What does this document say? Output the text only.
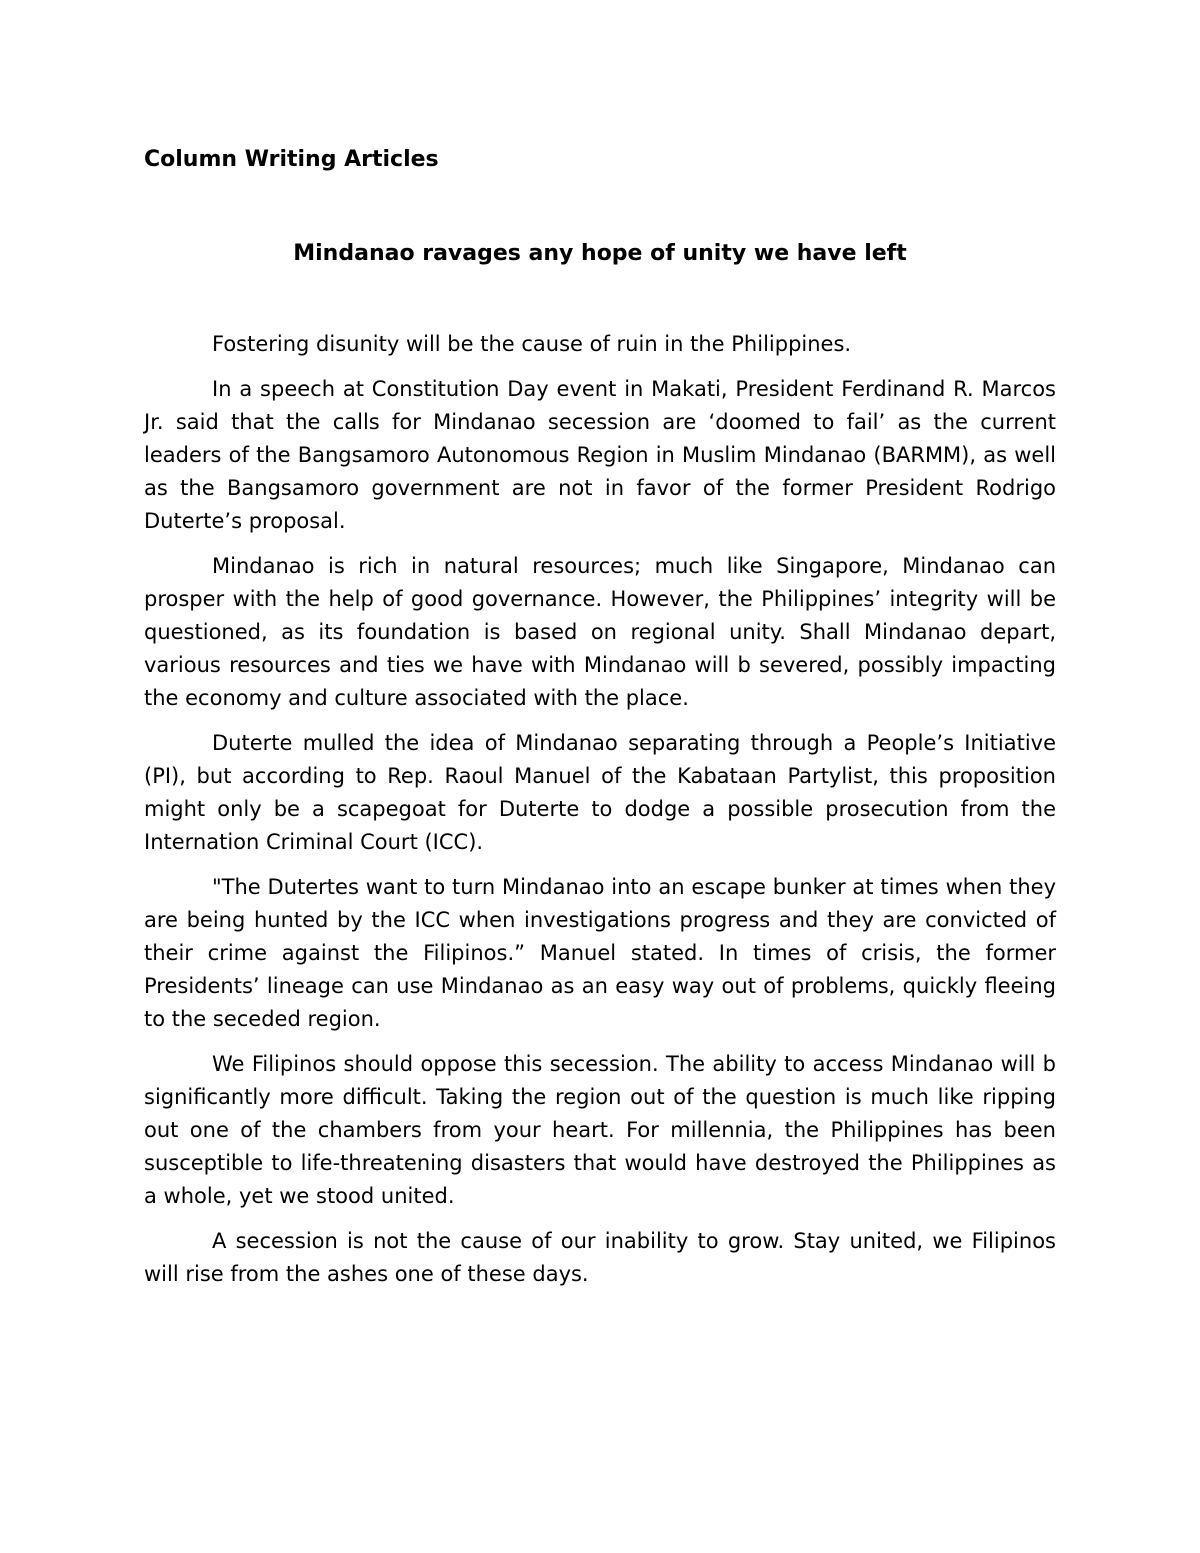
Column Writing Articles

Mindanao ravages any hope of unity we have left

Fostering disunity will be the cause of ruin in the Philippines.

In a speech at Constitution Day event in Makati, President Ferdinand R. Marcos Jr. said that the calls for Mindanao secession are ‘doomed to fail’ as the current leaders of the Bangsamoro Autonomous Region in Muslim Mindanao (BARMM), as well as the Bangsamoro government are not in favor of the former President Rodrigo Duterte’s proposal.

Mindanao is rich in natural resources; much like Singapore, Mindanao can prosper with the help of good governance. However, the Philippines’ integrity will be questioned, as its foundation is based on regional unity. Shall Mindanao depart, various resources and ties we have with Mindanao will b severed, possibly impacting the economy and culture associated with the place.

Duterte mulled the idea of Mindanao separating through a People’s Initiative (PI), but according to Rep. Raoul Manuel of the Kabataan Partylist, this proposition might only be a scapegoat for Duterte to dodge a possible prosecution from the Internation Criminal Court (ICC).

"The Dutertes want to turn Mindanao into an escape bunker at times when they are being hunted by the ICC when investigations progress and they are convicted of their crime against the Filipinos.” Manuel stated. In times of crisis, the former Presidents’ lineage can use Mindanao as an easy way out of problems, quickly fleeing to the seceded region.

We Filipinos should oppose this secession. The ability to access Mindanao will b significantly more difficult. Taking the region out of the question is much like ripping out one of the chambers from your heart. For millennia, the Philippines has been susceptible to life-threatening disasters that would have destroyed the Philippines as a whole, yet we stood united.

A secession is not the cause of our inability to grow. Stay united, we Filipinos will rise from the ashes one of these days.
